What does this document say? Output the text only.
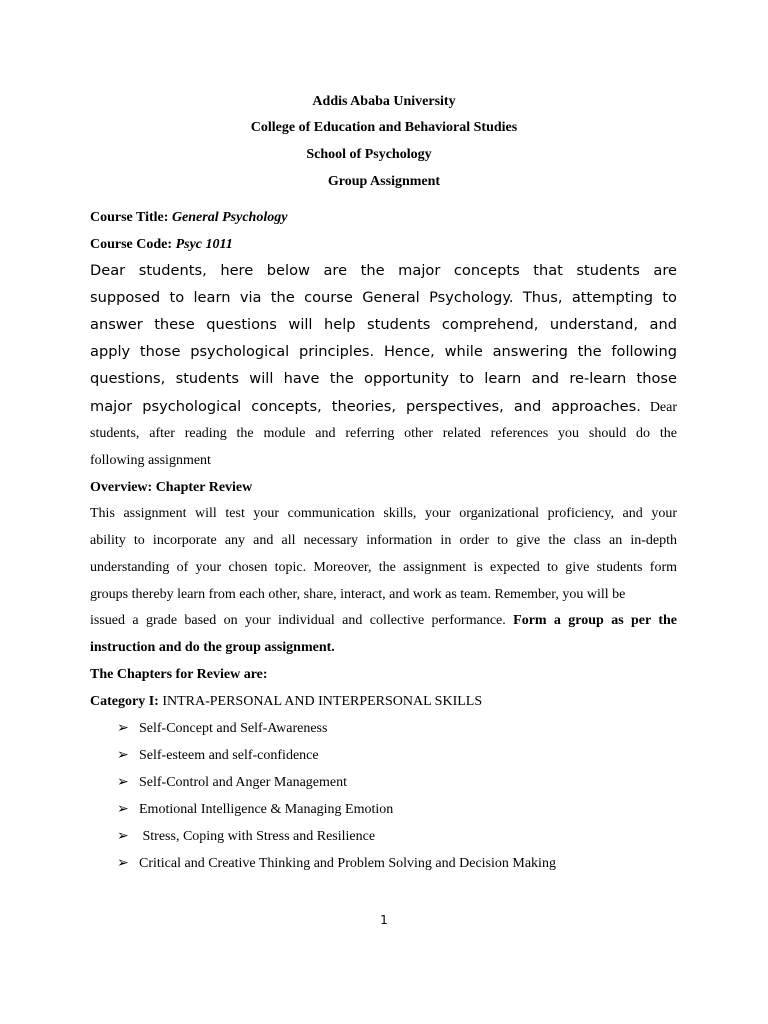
Addis Ababa University
College of Education and Behavioral Studies
School of Psychology
Group Assignment
Course Title: General Psychology
Course Code: Psyc 1011
Dear students, here below are the major concepts that students are
supposed to learn via the course General Psychology. Thus, attempting to
answer these questions will help students comprehend, understand, and
apply those psychological principles. Hence, while answering the following
questions, students will have the opportunity to learn and re-learn those
major psychological concepts, theories, perspectives, and approaches. Dear
students, after reading the module and referring other related references you should do the
following assignment
Overview: Chapter Review
This assignment will test your communication skills, your organizational proficiency, and your
ability to incorporate any and all necessary information in order to give the class an in-depth
understanding of your chosen topic. Moreover, the assignment is expected to give students form
groups thereby learn from each other, share, interact, and work as team. Remember, you will be
issued a grade based on your individual and collective performance. Form a group as per the
instruction and do the group assignment.
The Chapters for Review are:
Category I: INTRA-PERSONAL AND INTERPERSONAL SKILLS
➢ Self-Concept and Self-Awareness
➢ Self-esteem and self-confidence
➢ Self-Control and Anger Management
➢ Emotional Intelligence & Managing Emotion
➢ Stress, Coping with Stress and Resilience
➢ Critical and Creative Thinking and Problem Solving and Decision Making
1
